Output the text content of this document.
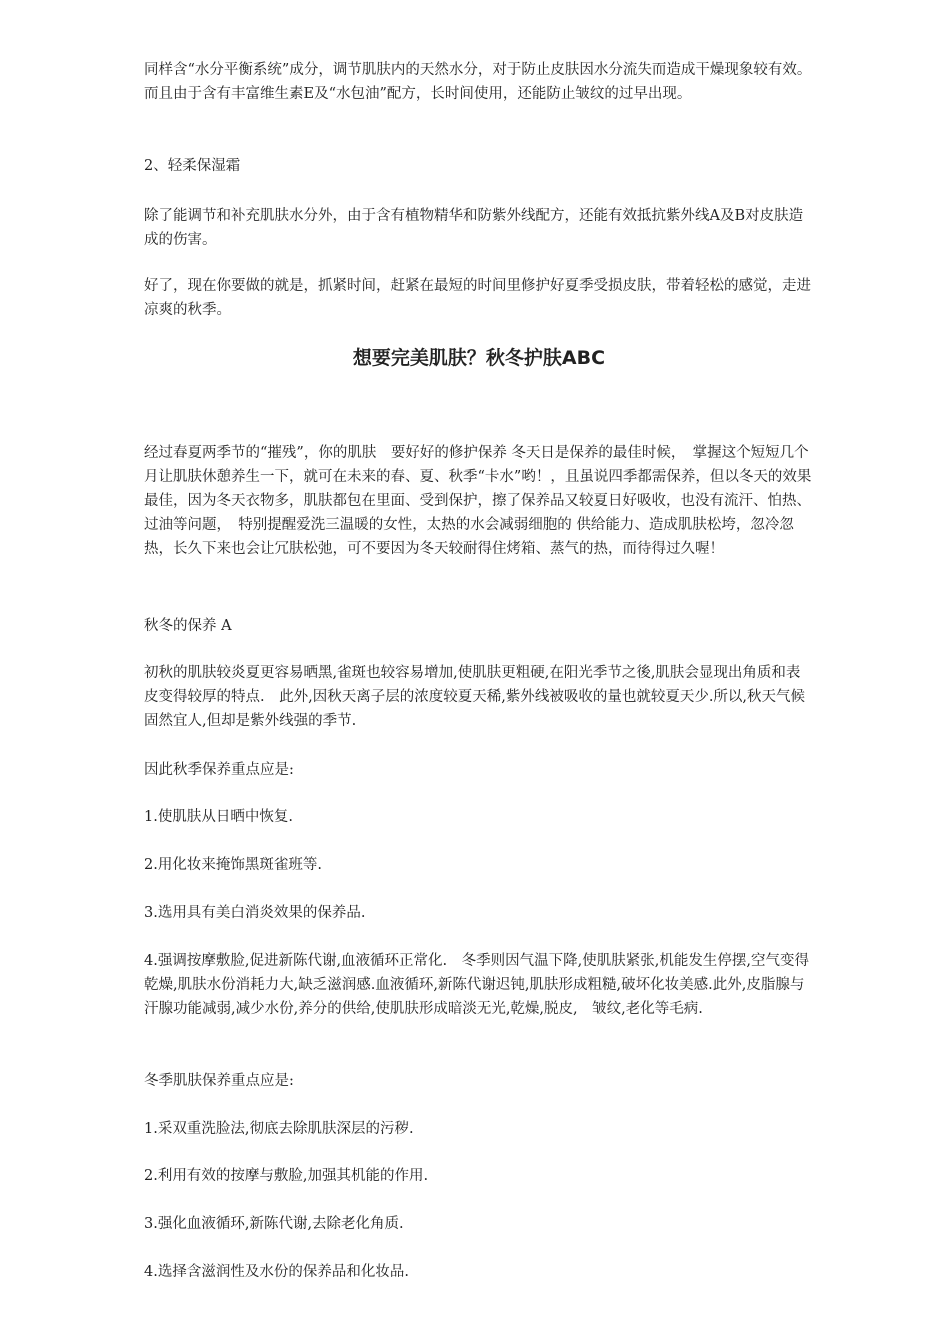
同样含“水分平衡系统”成分，调节肌肤内的天然水分，对于防止皮肤因水分流失而造成干燥现象较有效。而且由于含有丰富维生素E及“水包油”配方，长时间使用，还能防止皱纹的过早出现。

2、轻柔保湿霜

除了能调节和补充肌肤水分外，由于含有植物精华和防紫外线配方，还能有效抵抗紫外线A及B对皮肤造成的伤害。

好了，现在你要做的就是，抓紧时间，赶紧在最短的时间里修护好夏季受损皮肤，带着轻松的感觉，走进凉爽的秋季。

想要完美肌肤？秋冬护肤ABC

经过春夏两季节的“摧残”，你的肌肤　要好好的修护保养 冬天日是保养的最佳时候，　掌握这个短短几个月让肌肤休憩养生一下，就可在未来的春、夏、秋季“卡水”哟！，且虽说四季都需保养，但以冬天的效果 最佳，因为冬天衣物多，肌肤都包在里面、受到保护，擦了保养品又较夏日好吸收，也没有流汗、怕热、过油等问题，　特别提醒爱洗三温暖的女性，太热的水会减弱细胞的 供给能力、造成肌肤松垮，忽冷忽热，长久下来也会让冗肤松弛，可不要因为冬天较耐得住烤箱、蒸气的热，而待得过久喔！

秋冬的保养 A

初秋的肌肤较炎夏更容易晒黑,雀斑也较容易增加,使肌肤更粗硬,在阳光季节之後,肌肤会显现出角质和表皮变得较厚的特点.　此外,因秋天离子层的浓度较夏天稀,紫外线被吸收的量也就较夏天少.所以,秋天气候固然宜人,但却是紫外线强的季节.

因此秋季保养重点应是:

1.使肌肤从日晒中恢复.

2.用化妆来掩饰黑斑雀班等.

3.选用具有美白消炎效果的保养品.

4.强调按摩敷脸,促进新陈代谢,血液循环正常化.　冬季则因气温下降,使肌肤紧张,机能发生停摆,空气变得乾燥,肌肤水份消耗力大,缺乏滋润感.血液循环,新陈代谢迟钝,肌肤形成粗糙,破坏化妆美感.此外,皮脂腺与汗腺功能减弱,减少水份,养分的供给,使肌肤形成暗淡无光,乾燥,脱皮,　皱纹,老化等毛病.

冬季肌肤保养重点应是:

1.采双重洗脸法,彻底去除肌肤深层的污秽.

2.利用有效的按摩与敷脸,加强其机能的作用.

3.强化血液循环,新陈代谢,去除老化角质.

4.选择含滋润性及水份的保养品和化妆品.
